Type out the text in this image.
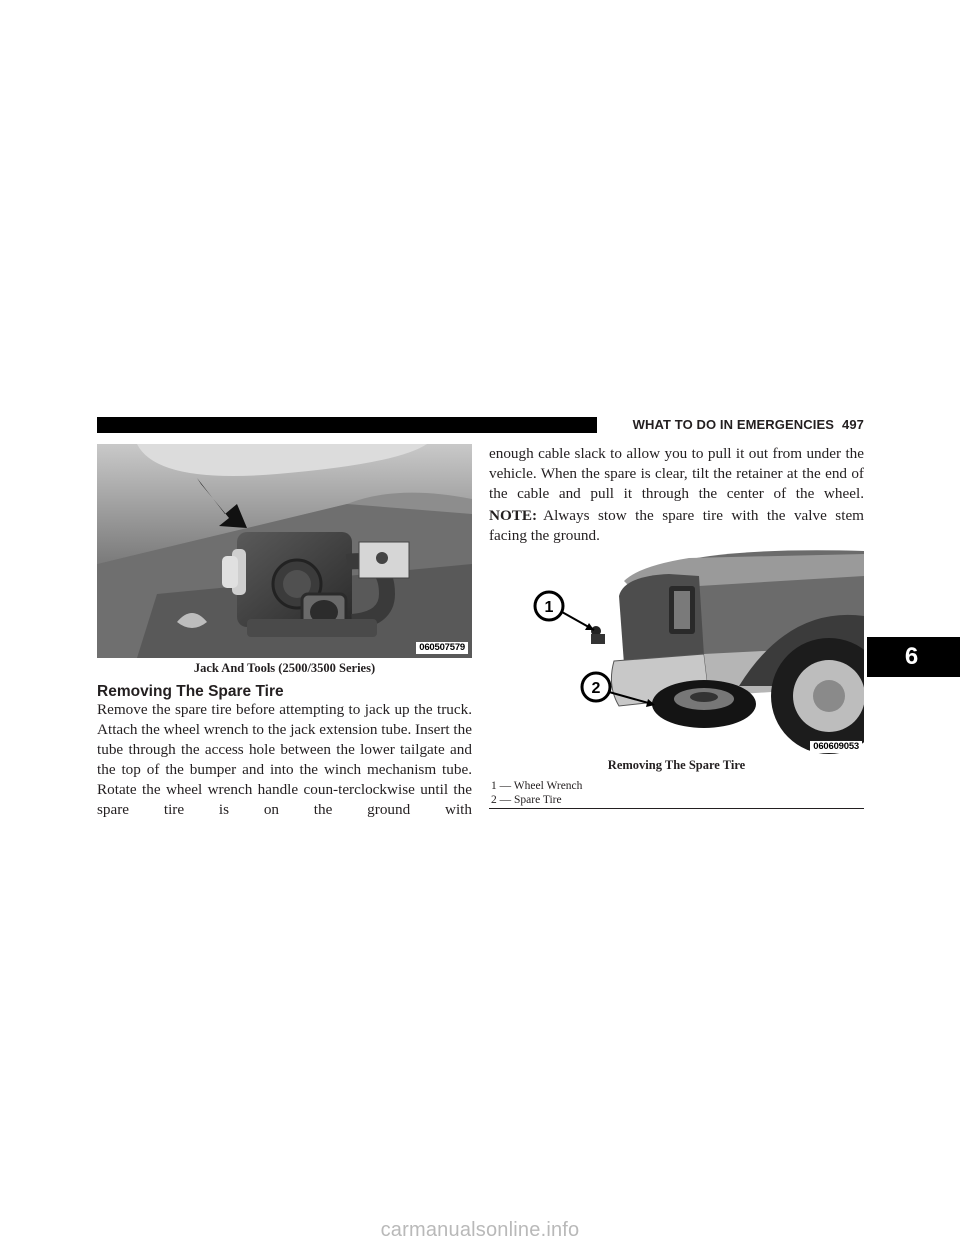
WHAT TO DO IN EMERGENCIES 497
060507579
Jack And Tools (2500/3500 Series)
Removing The Spare Tire

Remove the spare tire before attempting to jack up the truck. Attach the wheel wrench to the jack extension tube. Insert the tube through the access hole between the lower tailgate and the top of the bumper and into the winch mechanism tube. Rotate the wheel wrench handle coun-terclockwise until the spare tire is on the ground with

enough cable slack to allow you to pull it out from under the vehicle. When the spare is clear, tilt the retainer at the end of the cable and pull it through the center of the wheel.

NOTE: Always stow the spare tire with the valve stem facing the ground.

1
2
060609053
Removing The Spare Tire
1 — Wheel Wrench
2 — Spare Tire
6
carmanualsonline.info
